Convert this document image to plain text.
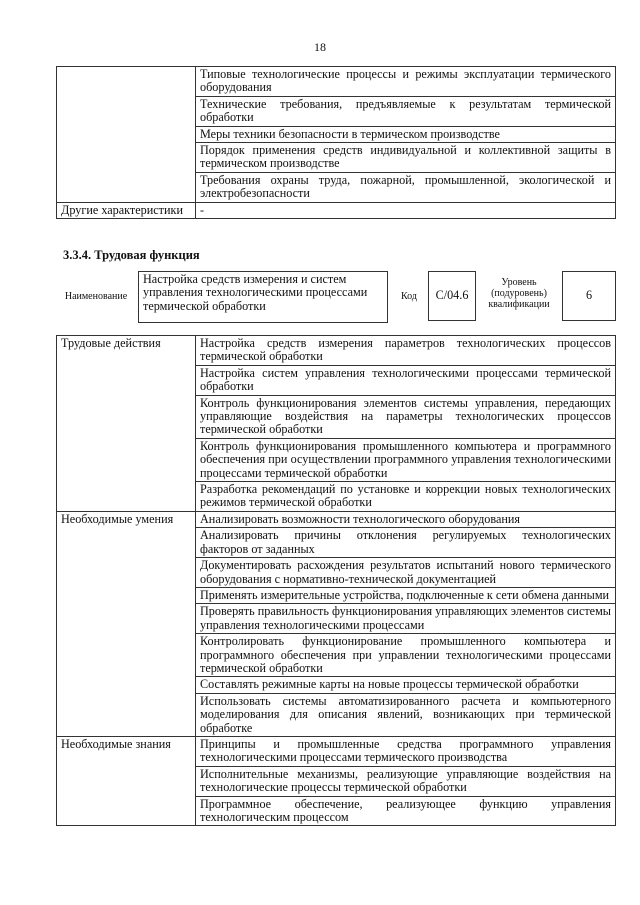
18
	Типовые технологические процессы и режимы эксплуатации термического оборудования
	Технические требования, предъявляемые к результатам термической обработки
	Меры техники безопасности в термическом производстве
	Порядок применения средств индивидуальной и коллективной защиты в термическом производстве
	Требования охраны труда, пожарной, промышленной, экологической и электробезопасности
Другие характеристики	-
3.3.4. Трудовая функция
Наименование
Настройка средств измерения и систем управления технологическими процессами термической обработки
Код	С/04.6
Уровень (подуровень) квалификации
6
Трудовые действия	Настройка средств измерения параметров технологических процессов термической обработки
	Настройка систем управления технологическими процессами термической обработки
	Контроль функционирования элементов системы управления, передающих управляющие воздействия на параметры технологических процессов термической обработки
	Контроль функционирования промышленного компьютера и программного обеспечения при осуществлении программного управления технологическими процессами термической обработки
	Разработка рекомендаций по установке и коррекции новых технологических режимов термической обработки
Необходимые умения	Анализировать возможности технологического оборудования
	Анализировать причины отклонения регулируемых технологических факторов от заданных
	Документировать расхождения результатов испытаний нового термического оборудования с нормативно-технической документацией
	Применять измерительные устройства, подключенные к сети обмена данными
	Проверять правильность функционирования управляющих элементов системы управления технологическими процессами
	Контролировать функционирование промышленного компьютера и программного обеспечения при управлении технологическими процессами термической обработки
	Составлять режимные карты на новые процессы термической обработки
	Использовать системы автоматизированного расчета и компьютерного моделирования для описания явлений, возникающих при термической обработке
Необходимые знания	Принципы и промышленные средства программного управления технологическими процессами термического производства
	Исполнительные механизмы, реализующие управляющие воздействия на технологические процессы термической обработки
	Программное обеспечение, реализующее функцию управления технологическим процессом
